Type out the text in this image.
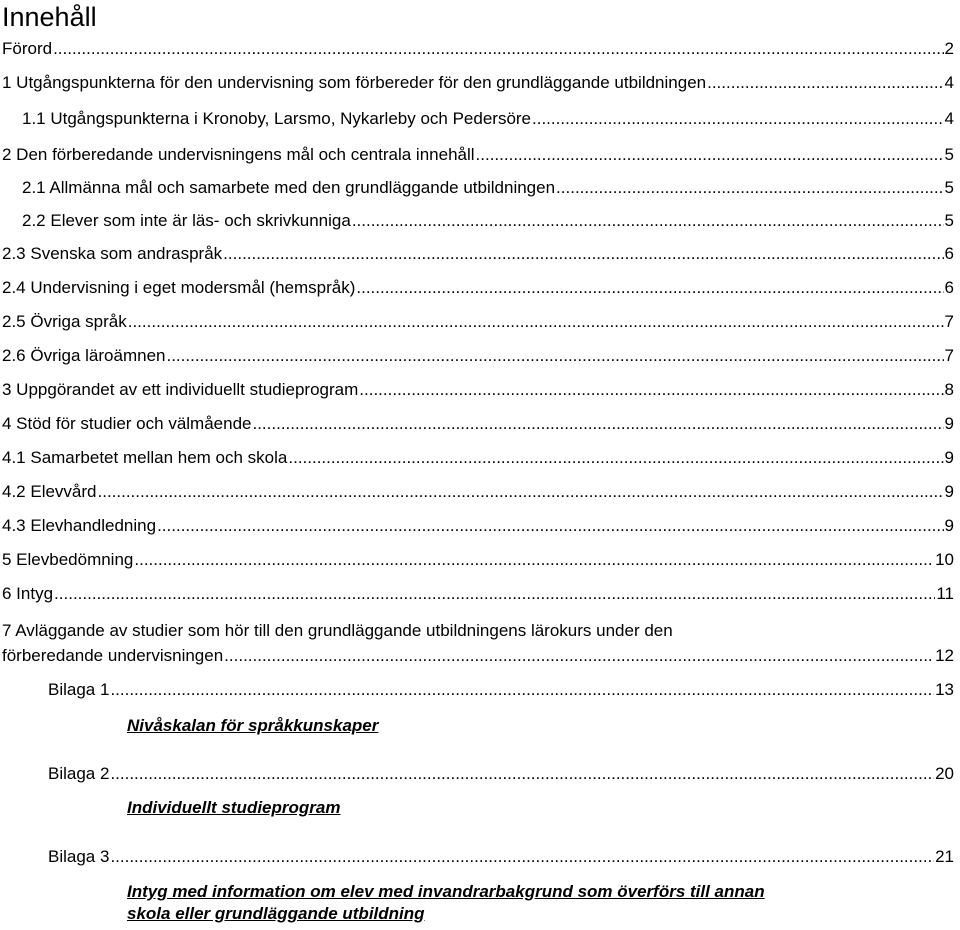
Innehåll
Förord .....	2
1 Utgångspunkterna för den undervisning som förbereder för den grundläggande utbildningen .....	4
1.1 Utgångspunkterna i Kronoby, Larsmo, Nykarleby och Pedersöre .....	4
2 Den förberedande undervisningens mål och centrala innehåll .....	5
2.1 Allmänna mål och samarbete med den grundläggande utbildningen .....	5
2.2 Elever som inte är läs- och skrivkunniga .....	5
2.3 Svenska som andraspråk .....	6
2.4 Undervisning i eget modersmål (hemspråk) .....	6
2.5 Övriga språk .....	7
2.6 Övriga läroämnen .....	7
3 Uppgörandet av ett individuellt studieprogram .....	8
4 Stöd för studier och välmående .....	9
4.1 Samarbetet mellan hem och skola .....	9
4.2 Elevvård .....	9
4.3 Elevhandledning .....	9
5 Elevbedömning .....	10
6 Intyg .....	11
7 Avläggande av studier som hör till den grundläggande utbildningens lärokurs under den
förberedande undervisningen .....	12
Bilaga 1 .....	13
Nivåskalan för språkkunskaper
Bilaga 2 .....	20
Individuellt studieprogram
Bilaga 3 .....	21
Intyg med information om elev med invandrarbakgrund som överförs till annan
skola eller grundläggande utbildning
